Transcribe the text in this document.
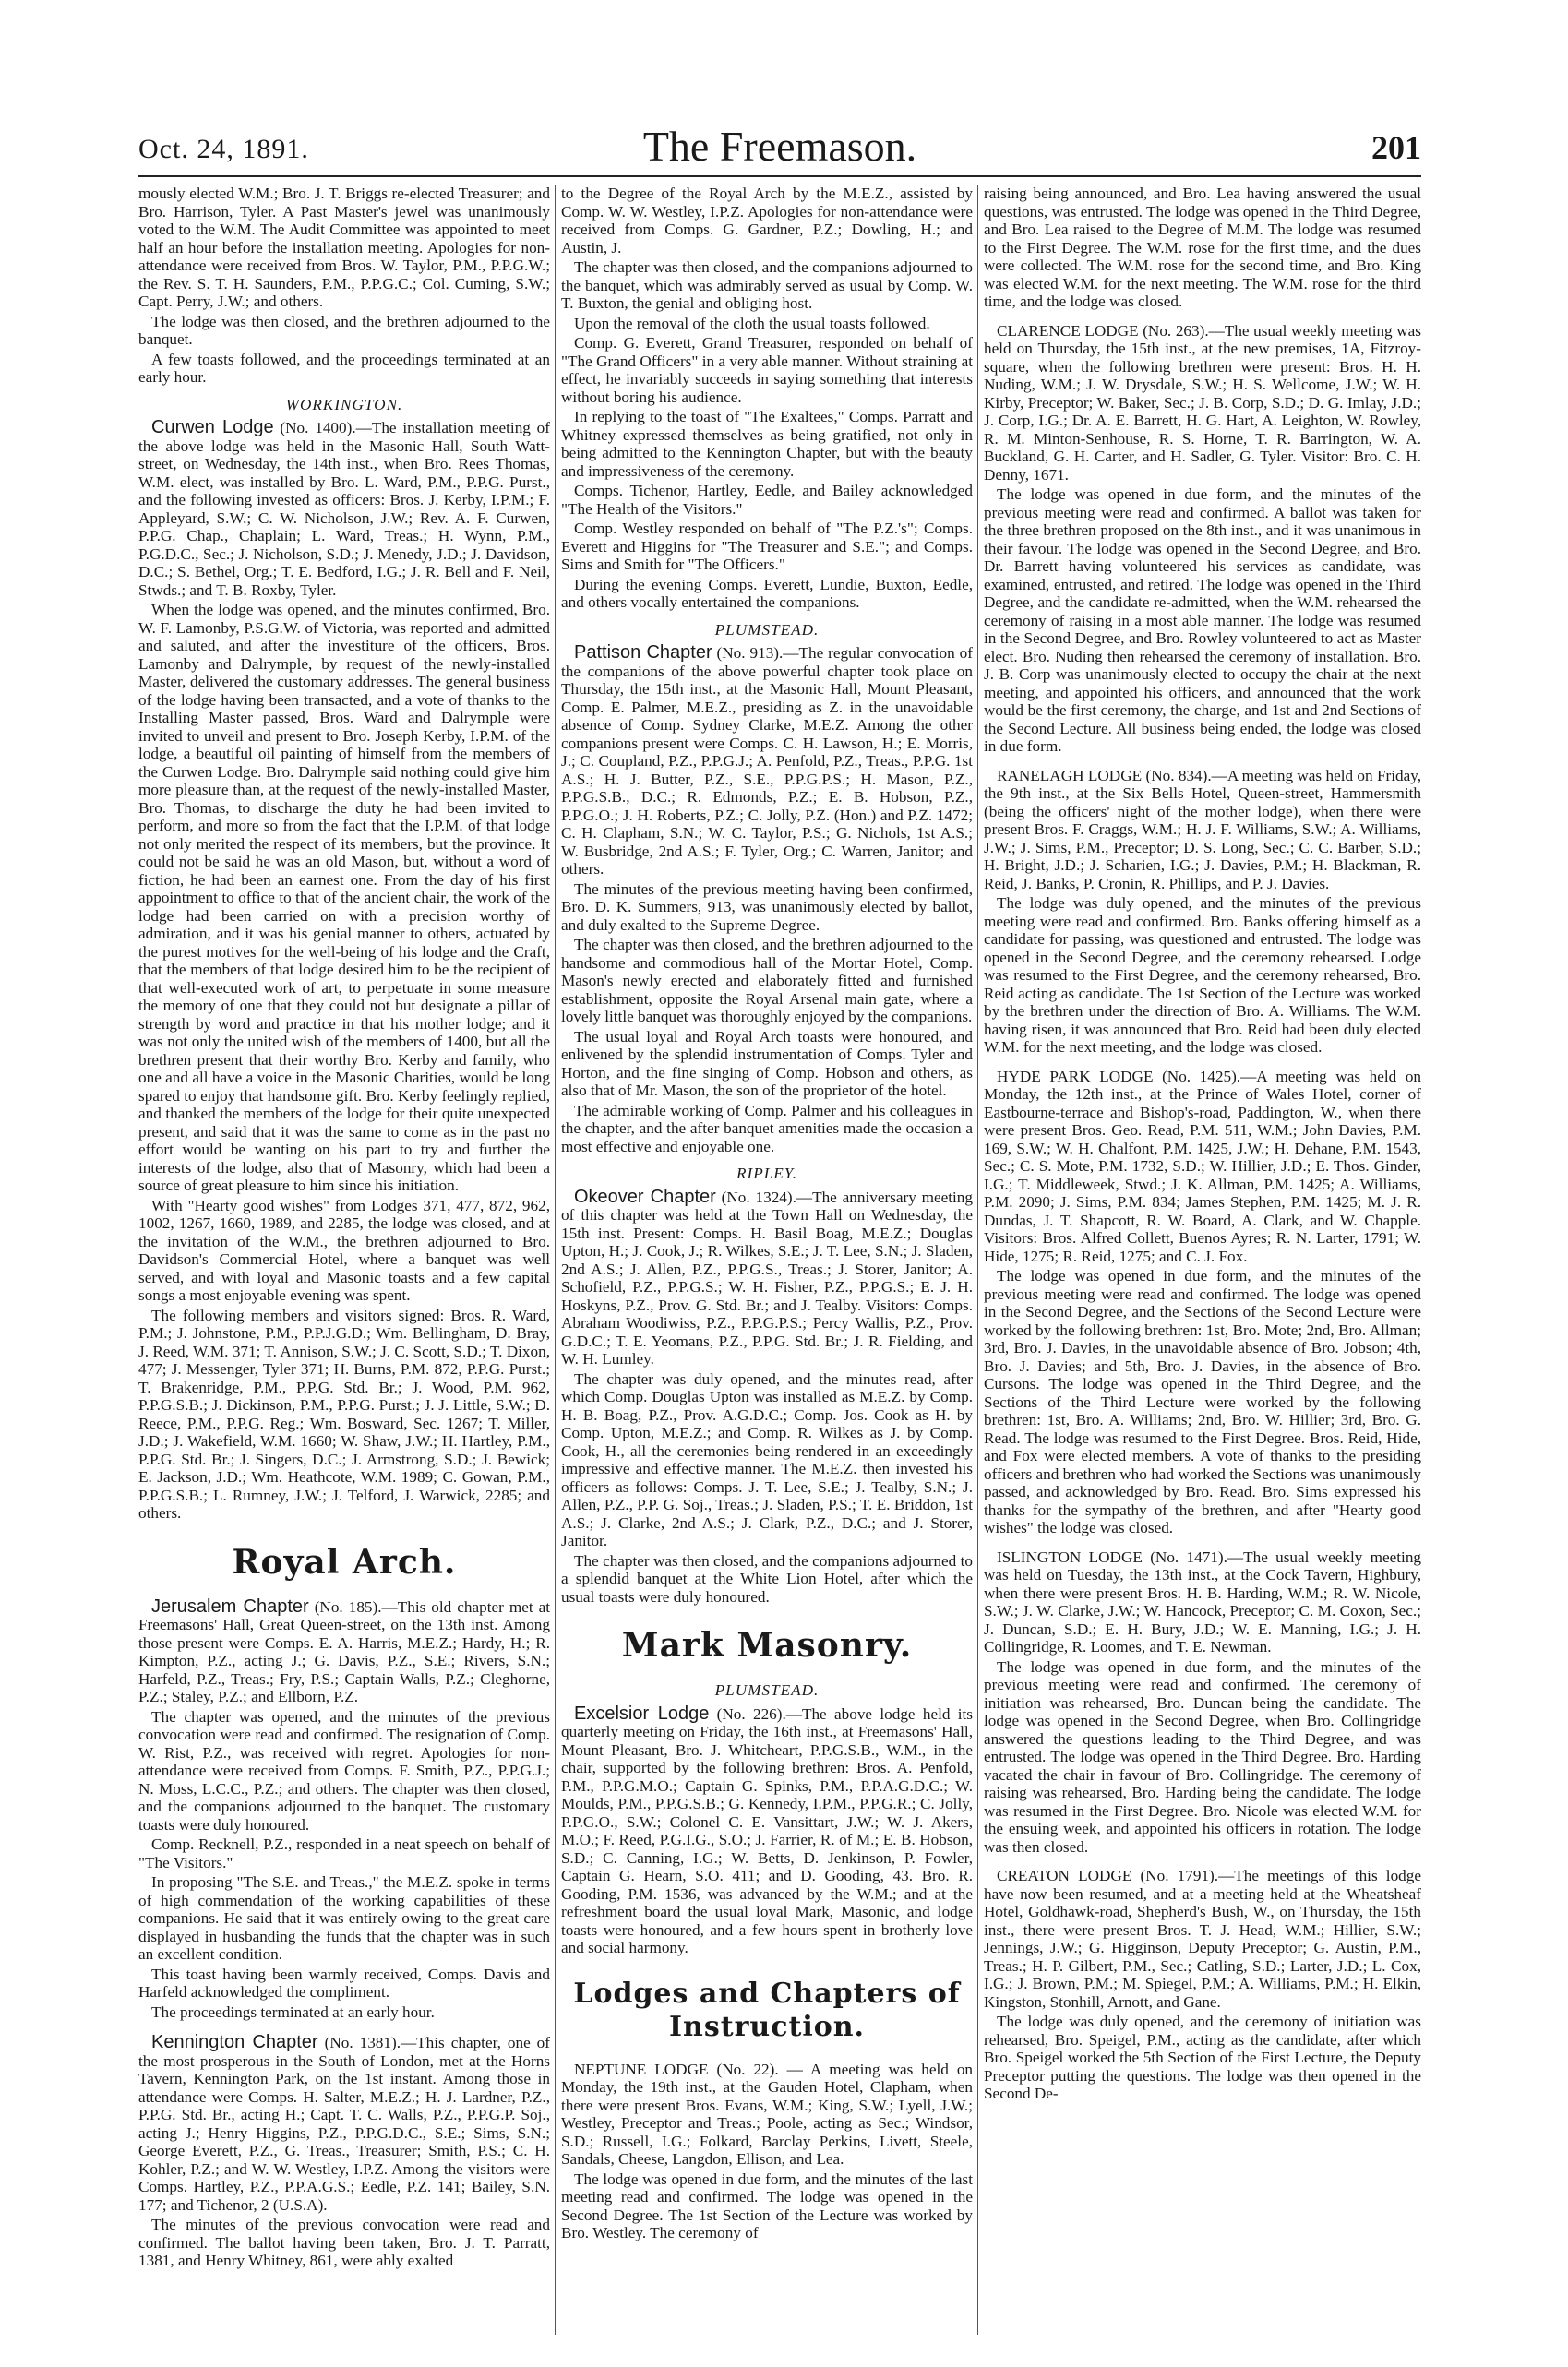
Oct. 24, 1891.	The Freemason.	201

mously elected W.M.; Bro. J. T. Briggs re-elected Treasurer; and Bro. Harrison, Tyler. A Past Master's jewel was unanimously voted to the W.M. The Audit Committee was appointed to meet half an hour before the installation meeting. Apologies for non-attendance were received from Bros. W. Taylor, P.M., P.P.G.W.; the Rev. S. T. H. Saunders, P.M., P.P.G.C.; Col. Cuming, S.W.; Capt. Perry, J.W.; and others.

The lodge was then closed, and the brethren adjourned to the banquet.

A few toasts followed, and the proceedings terminated at an early hour.

WORKINGTON.

Curwen Lodge (No. 1400).—The installation meeting of the above lodge was held in the Masonic Hall, South Watt-street, on Wednesday, the 14th inst., when Bro. Rees Thomas, W.M. elect, was installed by Bro. L. Ward, P.M., P.P.G. Purst., and the following invested as officers: Bros. J. Kerby, I.P.M.; F. Appleyard, S.W.; C. W. Nicholson, J.W.; Rev. A. F. Curwen, P.P.G. Chap., Chaplain; L. Ward, Treas.; H. Wynn, P.M., P.G.D.C., Sec.; J. Nicholson, S.D.; J. Menedy, J.D.; J. Davidson, D.C.; S. Bethel, Org.; T. E. Bedford, I.G.; J. R. Bell and F. Neil, Stwds.; and T. B. Roxby, Tyler.

When the lodge was opened, and the minutes confirmed, Bro. W. F. Lamonby, P.S.G.W. of Victoria, was reported and admitted and saluted, and after the investiture of the officers, Bros. Lamonby and Dalrymple, by request of the newly-installed Master, delivered the customary addresses. The general business of the lodge having been transacted, and a vote of thanks to the Installing Master passed, Bros. Ward and Dalrymple were invited to unveil and present to Bro. Joseph Kerby, I.P.M. of the lodge, a beautiful oil painting of himself from the members of the Curwen Lodge. Bro. Dalrymple said nothing could give him more pleasure than, at the request of the newly-installed Master, Bro. Thomas, to discharge the duty he had been invited to perform, and more so from the fact that the I.P.M. of that lodge not only merited the respect of its members, but the province. It could not be said he was an old Mason, but, without a word of fiction, he had been an earnest one. From the day of his first appointment to office to that of the ancient chair, the work of the lodge had been carried on with a precision worthy of admiration, and it was his genial manner to others, actuated by the purest motives for the well-being of his lodge and the Craft, that the members of that lodge desired him to be the recipient of that well-executed work of art, to perpetuate in some measure the memory of one that they could not but designate a pillar of strength by word and practice in that his mother lodge; and it was not only the united wish of the members of 1400, but all the brethren present that their worthy Bro. Kerby and family, who one and all have a voice in the Masonic Charities, would be long spared to enjoy that handsome gift. Bro. Kerby feelingly replied, and thanked the members of the lodge for their quite unexpected present, and said that it was the same to come as in the past no effort would be wanting on his part to try and further the interests of the lodge, also that of Masonry, which had been a source of great pleasure to him since his initiation.

With "Hearty good wishes" from Lodges 371, 477, 872, 962, 1002, 1267, 1660, 1989, and 2285, the lodge was closed, and at the invitation of the W.M., the brethren adjourned to Bro. Davidson's Commercial Hotel, where a banquet was well served, and with loyal and Masonic toasts and a few capital songs a most enjoyable evening was spent.

The following members and visitors signed: Bros. R. Ward, P.M.; J. Johnstone, P.M., P.P.J.G.D.; Wm. Bellingham, D. Bray, J. Reed, W.M. 371; T. Annison, S.W.; J. C. Scott, S.D.; T. Dixon, 477; J. Messenger, Tyler 371; H. Burns, P.M. 872, P.P.G. Purst.; T. Brakenridge, P.M., P.P.G. Std. Br.; J. Wood, P.M. 962, P.P.G.S.B.; J. Dickinson, P.M., P.P.G. Purst.; J. J. Little, S.W.; D. Reece, P.M., P.P.G. Reg.; Wm. Bosward, Sec. 1267; T. Miller, J.D.; J. Wakefield, W.M. 1660; W. Shaw, J.W.; H. Hartley, P.M., P.P.G. Std. Br.; J. Singers, D.C.; J. Armstrong, S.D.; J. Bewick; E. Jackson, J.D.; Wm. Heathcote, W.M. 1989; C. Gowan, P.M., P.P.G.S.B.; L. Rumney, J.W.; J. Telford, J. Warwick, 2285; and others.

Royal Arch.

Jerusalem Chapter (No. 185).—This old chapter met at Freemasons' Hall, Great Queen-street, on the 13th inst. Among those present were Comps. E. A. Harris, M.E.Z.; Hardy, H.; R. Kimpton, P.Z., acting J.; G. Davis, P.Z., S.E.; Rivers, S.N.; Harfeld, P.Z., Treas.; Fry, P.S.; Captain Walls, P.Z.; Cleghorne, P.Z.; Staley, P.Z.; and Ellborn, P.Z.

The chapter was opened, and the minutes of the previous convocation were read and confirmed. The resignation of Comp. W. Rist, P.Z., was received with regret. Apologies for non-attendance were received from Comps. F. Smith, P.Z., P.P.G.J.; N. Moss, L.C.C., P.Z.; and others. The chapter was then closed, and the companions adjourned to the banquet. The customary toasts were duly honoured.

Comp. Recknell, P.Z., responded in a neat speech on behalf of "The Visitors."

In proposing "The S.E. and Treas.," the M.E.Z. spoke in terms of high commendation of the working capabilities of these companions. He said that it was entirely owing to the great care displayed in husbanding the funds that the chapter was in such an excellent condition.

This toast having been warmly received, Comps. Davis and Harfeld acknowledged the compliment.

The proceedings terminated at an early hour.

Kennington Chapter (No. 1381).—This chapter, one of the most prosperous in the South of London, met at the Horns Tavern, Kennington Park, on the 1st instant. Among those in attendance were Comps. H. Salter, M.E.Z.; H. J. Lardner, P.Z., P.P.G. Std. Br., acting H.; Capt. T. C. Walls, P.Z., P.P.G.P. Soj., acting J.; Henry Higgins, P.Z., P.P.G.D.C., S.E.; Sims, S.N.; George Everett, P.Z., G. Treas., Treasurer; Smith, P.S.; C. H. Kohler, P.Z.; and W. W. Westley, I.P.Z. Among the visitors were Comps. Hartley, P.Z., P.P.A.G.S.; Eedle, P.Z. 141; Bailey, S.N. 177; and Tichenor, 2 (U.S.A).

The minutes of the previous convocation were read and confirmed. The ballot having been taken, Bro. J. T. Parratt, 1381, and Henry Whitney, 861, were ably exalted

to the Degree of the Royal Arch by the M.E.Z., assisted by Comp. W. W. Westley, I.P.Z. Apologies for non-attendance were received from Comps. G. Gardner, P.Z.; Dowling, H.; and Austin, J.

The chapter was then closed, and the companions adjourned to the banquet, which was admirably served as usual by Comp. W. T. Buxton, the genial and obliging host.

Upon the removal of the cloth the usual toasts followed.

Comp. G. Everett, Grand Treasurer, responded on behalf of "The Grand Officers" in a very able manner. Without straining at effect, he invariably succeeds in saying something that interests without boring his audience.

In replying to the toast of "The Exaltees," Comps. Parratt and Whitney expressed themselves as being gratified, not only in being admitted to the Kennington Chapter, but with the beauty and impressiveness of the ceremony.

Comps. Tichenor, Hartley, Eedle, and Bailey acknowledged "The Health of the Visitors."

Comp. Westley responded on behalf of "The P.Z.'s"; Comps. Everett and Higgins for "The Treasurer and S.E."; and Comps. Sims and Smith for "The Officers."

During the evening Comps. Everett, Lundie, Buxton, Eedle, and others vocally entertained the companions.

PLUMSTEAD.

Pattison Chapter (No. 913).—The regular convocation of the companions of the above powerful chapter took place on Thursday, the 15th inst., at the Masonic Hall, Mount Pleasant, Comp. E. Palmer, M.E.Z., presiding as Z. in the unavoidable absence of Comp. Sydney Clarke, M.E.Z. Among the other companions present were Comps. C. H. Lawson, H.; E. Morris, J.; C. Coupland, P.Z., P.P.G.J.; A. Penfold, P.Z., Treas., P.P.G. 1st A.S.; H. J. Butter, P.Z., S.E., P.P.G.P.S.; H. Mason, P.Z., P.P.G.S.B., D.C.; R. Edmonds, P.Z.; E. B. Hobson, P.Z., P.P.G.O.; J. H. Roberts, P.Z.; C. Jolly, P.Z. (Hon.) and P.Z. 1472; C. H. Clapham, S.N.; W. C. Taylor, P.S.; G. Nichols, 1st A.S.; W. Busbridge, 2nd A.S.; F. Tyler, Org.; C. Warren, Janitor; and others.

The minutes of the previous meeting having been confirmed, Bro. D. K. Summers, 913, was unanimously elected by ballot, and duly exalted to the Supreme Degree.

The chapter was then closed, and the brethren adjourned to the handsome and commodious hall of the Mortar Hotel, Comp. Mason's newly erected and elaborately fitted and furnished establishment, opposite the Royal Arsenal main gate, where a lovely little banquet was thoroughly enjoyed by the companions.

The usual loyal and Royal Arch toasts were honoured, and enlivened by the splendid instrumentation of Comps. Tyler and Horton, and the fine singing of Comp. Hobson and others, as also that of Mr. Mason, the son of the proprietor of the hotel.

The admirable working of Comp. Palmer and his colleagues in the chapter, and the after banquet amenities made the occasion a most effective and enjoyable one.

RIPLEY.

Okeover Chapter (No. 1324).—The anniversary meeting of this chapter was held at the Town Hall on Wednesday, the 15th inst. Present: Comps. H. Basil Boag, M.E.Z.; Douglas Upton, H.; J. Cook, J.; R. Wilkes, S.E.; J. T. Lee, S.N.; J. Sladen, 2nd A.S.; J. Allen, P.Z., P.P.G.S., Treas.; J. Storer, Janitor; A. Schofield, P.Z., P.P.G.S.; W. H. Fisher, P.Z., P.P.G.S.; E. J. H. Hoskyns, P.Z., Prov. G. Std. Br.; and J. Tealby. Visitors: Comps. Abraham Woodiwiss, P.Z., P.P.G.P.S.; Percy Wallis, P.Z., Prov. G.D.C.; T. E. Yeomans, P.Z., P.P.G. Std. Br.; J. R. Fielding, and W. H. Lumley.

The chapter was duly opened, and the minutes read, after which Comp. Douglas Upton was installed as M.E.Z. by Comp. H. B. Boag, P.Z., Prov. A.G.D.C.; Comp. Jos. Cook as H. by Comp. Upton, M.E.Z.; and Comp. R. Wilkes as J. by Comp. Cook, H., all the ceremonies being rendered in an exceedingly impressive and effective manner. The M.E.Z. then invested his officers as follows: Comps. J. T. Lee, S.E.; J. Tealby, S.N.; J. Allen, P.Z., P.P. G. Soj., Treas.; J. Sladen, P.S.; T. E. Briddon, 1st A.S.; J. Clarke, 2nd A.S.; J. Clark, P.Z., D.C.; and J. Storer, Janitor.

The chapter was then closed, and the companions adjourned to a splendid banquet at the White Lion Hotel, after which the usual toasts were duly honoured.

Mark Masonry.
PLUMSTEAD.

Excelsior Lodge (No. 226).—The above lodge held its quarterly meeting on Friday, the 16th inst., at Freemasons' Hall, Mount Pleasant, Bro. J. Whitcheart, P.P.G.S.B., W.M., in the chair, supported by the following brethren: Bros. A. Penfold, P.M., P.P.G.M.O.; Captain G. Spinks, P.M., P.P.A.G.D.C.; W. Moulds, P.M., P.P.G.S.B.; G. Kennedy, I.P.M., P.P.G.R.; C. Jolly, P.P.G.O., S.W.; Colonel C. E. Vansittart, J.W.; W. J. Akers, M.O.; F. Reed, P.G.I.G., S.O.; J. Farrier, R. of M.; E. B. Hobson, S.D.; C. Canning, I.G.; W. Betts, D. Jenkinson, P. Fowler, Captain G. Hearn, S.O. 411; and D. Gooding, 43. Bro. R. Gooding, P.M. 1536, was advanced by the W.M.; and at the refreshment board the usual loyal Mark, Masonic, and lodge toasts were honoured, and a few hours spent in brotherly love and social harmony.

Lodges and Chapters of Instruction.

NEPTUNE LODGE (No. 22). — A meeting was held on Monday, the 19th inst., at the Gauden Hotel, Clapham, when there were present Bros. Evans, W.M.; King, S.W.; Lyell, J.W.; Westley, Preceptor and Treas.; Poole, acting as Sec.; Windsor, S.D.; Russell, I.G.; Folkard, Barclay Perkins, Livett, Steele, Sandals, Cheese, Langdon, Ellison, and Lea.

The lodge was opened in due form, and the minutes of the last meeting read and confirmed. The lodge was opened in the Second Degree. The 1st Section of the Lecture was worked by Bro. Westley. The ceremony of

raising being announced, and Bro. Lea having answered the usual questions, was entrusted. The lodge was opened in the Third Degree, and Bro. Lea raised to the Degree of M.M. The lodge was resumed to the First Degree. The W.M. rose for the first time, and the dues were collected. The W.M. rose for the second time, and Bro. King was elected W.M. for the next meeting. The W.M. rose for the third time, and the lodge was closed.

CLARENCE LODGE (No. 263).—The usual weekly meeting was held on Thursday, the 15th inst., at the new premises, 1A, Fitzroy-square, when the following brethren were present: Bros. H. H. Nuding, W.M.; J. W. Drysdale, S.W.; H. S. Wellcome, J.W.; W. H. Kirby, Preceptor; W. Baker, Sec.; J. B. Corp, S.D.; D. G. Imlay, J.D.; J. Corp, I.G.; Dr. A. E. Barrett, H. G. Hart, A. Leighton, W. Rowley, R. M. Minton-Senhouse, R. S. Horne, T. R. Barrington, W. A. Buckland, G. H. Carter, and H. Sadler, G. Tyler. Visitor: Bro. C. H. Denny, 1671.

The lodge was opened in due form, and the minutes of the previous meeting were read and confirmed. A ballot was taken for the three brethren proposed on the 8th inst., and it was unanimous in their favour. The lodge was opened in the Second Degree, and Bro. Dr. Barrett having volunteered his services as candidate, was examined, entrusted, and retired. The lodge was opened in the Third Degree, and the candidate re-admitted, when the W.M. rehearsed the ceremony of raising in a most able manner. The lodge was resumed in the Second Degree, and Bro. Rowley volunteered to act as Master elect. Bro. Nuding then rehearsed the ceremony of installation. Bro. J. B. Corp was unanimously elected to occupy the chair at the next meeting, and appointed his officers, and announced that the work would be the first ceremony, the charge, and 1st and 2nd Sections of the Second Lecture. All business being ended, the lodge was closed in due form.

RANELAGH LODGE (No. 834).—A meeting was held on Friday, the 9th inst., at the Six Bells Hotel, Queen-street, Hammersmith (being the officers' night of the mother lodge), when there were present Bros. F. Craggs, W.M.; H. J. F. Williams, S.W.; A. Williams, J.W.; J. Sims, P.M., Preceptor; D. S. Long, Sec.; C. C. Barber, S.D.; H. Bright, J.D.; J. Scharien, I.G.; J. Davies, P.M.; H. Blackman, R. Reid, J. Banks, P. Cronin, R. Phillips, and P. J. Davies.

The lodge was duly opened, and the minutes of the previous meeting were read and confirmed. Bro. Banks offering himself as a candidate for passing, was questioned and entrusted. The lodge was opened in the Second Degree, and the ceremony rehearsed. Lodge was resumed to the First Degree, and the ceremony rehearsed, Bro. Reid acting as candidate. The 1st Section of the Lecture was worked by the brethren under the direction of Bro. A. Williams. The W.M. having risen, it was announced that Bro. Reid had been duly elected W.M. for the next meeting, and the lodge was closed.

HYDE PARK LODGE (No. 1425).—A meeting was held on Monday, the 12th inst., at the Prince of Wales Hotel, corner of Eastbourne-terrace and Bishop's-road, Paddington, W., when there were present Bros. Geo. Read, P.M. 511, W.M.; John Davies, P.M. 169, S.W.; W. H. Chalfont, P.M. 1425, J.W.; H. Dehane, P.M. 1543, Sec.; C. S. Mote, P.M. 1732, S.D.; W. Hillier, J.D.; E. Thos. Ginder, I.G.; T. Middleweek, Stwd.; J. K. Allman, P.M. 1425; A. Williams, P.M. 2090; J. Sims, P.M. 834; James Stephen, P.M. 1425; M. J. R. Dundas, J. T. Shapcott, R. W. Board, A. Clark, and W. Chapple. Visitors: Bros. Alfred Collett, Buenos Ayres; R. N. Larter, 1791; W. Hide, 1275; R. Reid, 1275; and C. J. Fox.

The lodge was opened in due form, and the minutes of the previous meeting were read and confirmed. The lodge was opened in the Second Degree, and the Sections of the Second Lecture were worked by the following brethren: 1st, Bro. Mote; 2nd, Bro. Allman; 3rd, Bro. J. Davies, in the unavoidable absence of Bro. Jobson; 4th, Bro. J. Davies; and 5th, Bro. J. Davies, in the absence of Bro. Cursons. The lodge was opened in the Third Degree, and the Sections of the Third Lecture were worked by the following brethren: 1st, Bro. A. Williams; 2nd, Bro. W. Hillier; 3rd, Bro. G. Read. The lodge was resumed to the First Degree. Bros. Reid, Hide, and Fox were elected members. A vote of thanks to the presiding officers and brethren who had worked the Sections was unanimously passed, and acknowledged by Bro. Read. Bro. Sims expressed his thanks for the sympathy of the brethren, and after "Hearty good wishes" the lodge was closed.

ISLINGTON LODGE (No. 1471).—The usual weekly meeting was held on Tuesday, the 13th inst., at the Cock Tavern, Highbury, when there were present Bros. H. B. Harding, W.M.; R. W. Nicole, S.W.; J. W. Clarke, J.W.; W. Hancock, Preceptor; C. M. Coxon, Sec.; J. Duncan, S.D.; E. H. Bury, J.D.; W. E. Manning, I.G.; J. H. Collingridge, R. Loomes, and T. E. Newman.

The lodge was opened in due form, and the minutes of the previous meeting were read and confirmed. The ceremony of initiation was rehearsed, Bro. Duncan being the candidate. The lodge was opened in the Second Degree, when Bro. Collingridge answered the questions leading to the Third Degree, and was entrusted. The lodge was opened in the Third Degree. Bro. Harding vacated the chair in favour of Bro. Collingridge. The ceremony of raising was rehearsed, Bro. Harding being the candidate. The lodge was resumed in the First Degree. Bro. Nicole was elected W.M. for the ensuing week, and appointed his officers in rotation. The lodge was then closed.

CREATON LODGE (No. 1791).—The meetings of this lodge have now been resumed, and at a meeting held at the Wheatsheaf Hotel, Goldhawk-road, Shepherd's Bush, W., on Thursday, the 15th inst., there were present Bros. T. J. Head, W.M.; Hillier, S.W.; Jennings, J.W.; G. Higginson, Deputy Preceptor; G. Austin, P.M., Treas.; H. P. Gilbert, P.M., Sec.; Catling, S.D.; Larter, J.D.; L. Cox, I.G.; J. Brown, P.M.; M. Spiegel, P.M.; A. Williams, P.M.; H. Elkin, Kingston, Stonhill, Arnott, and Gane.

The lodge was duly opened, and the ceremony of initiation was rehearsed, Bro. Speigel, P.M., acting as the candidate, after which Bro. Speigel worked the 5th Section of the First Lecture, the Deputy Preceptor putting the questions. The lodge was then opened in the Second De-
